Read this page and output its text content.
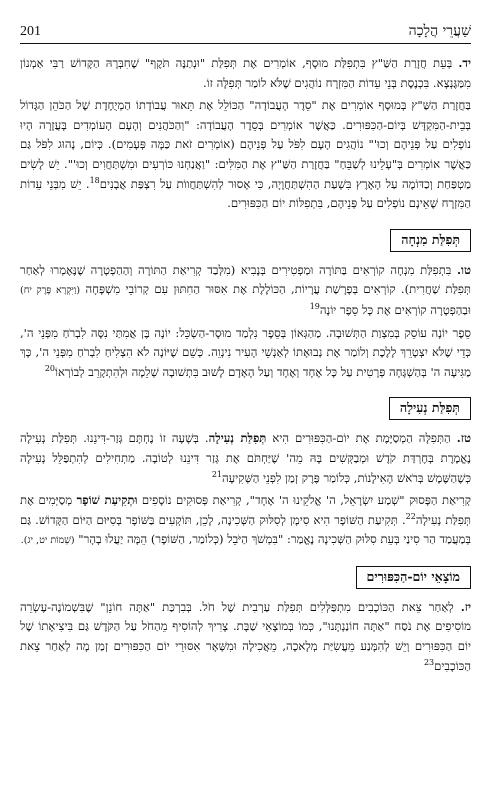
שַׁעֲרֵי הֲלָכָה
201

יד. בְּעֵת חֲזָרַת הַשַּׁ"ץ בִּתְפִלַּת מוּסָף, אוֹמְרִים אֶת תְּפִלַּת "וּנְתַנֶּה תֹּקֶף" שֶׁחִבְּרָהּ הַקָּדוֹשׁ רַבִּי אַמְנוֹן מִמַּגֶּנְצָא. בִּכְנֶסֶת בְּנֵי עֵדוֹת הַמִּזְרָח נוֹהֲגִים שֶׁלֹּא לוֹמַר תְּפִלָּה זוֹ.

בַּחֲזָרַת הַשַּׁ"ץ בְּמוּסָף אוֹמְרִים אֶת "סֵדֶר הָעֲבוֹדָה" הַכּוֹלֵל אֶת תֵּאוּר עֲבוֹדָתוֹ הַמְיֻחֶדֶת שֶׁל הַכֹּהֵן הַגָּדוֹל בְּבֵית-הַמִּקְדָּשׁ בְּיוֹם-הַכִּפּוּרִים. כַּאֲשֶׁר אוֹמְרִים בְּסֵדֶר הָעֲבוֹדָה: "וְהַכֹּהֲנִים וְהָעָם הָעוֹמְדִים בָּעֲזָרָה הָיוּ נוֹפְלִים עַל פְּנֵיהֶם וְכוּ'" נוֹהֲגִים הָעָם לִפֹּל עַל פְּנֵיהֶם (אוֹמְרִים זֹאת כַּמָּה פְּעָמִים). כְּיוֹם, נָהוּג לִפֹּל גַּם כַּאֲשֶׁר אוֹמְרִים בְּ"עָלֵינוּ לְשַׁבֵּחַ" בַּחֲזָרַת הַשַּׁ"ץ אֶת הַמִּלִּים: "וַאֲנַחְנוּ כּוֹרְעִים וּמִשְׁתַּחֲוִים וְכוּ'". יֵשׁ לָשִׂים מַטְפַּחַת וְכַדּוֹמֶה עַל הָאָרֶץ בִּשְׁעַת הַהִשְׁתַּחֲוָיָה, כִּי אָסוּר לְהִשְׁתַּחֲווֹת עַל רִצְפַּת אֲבָנִים$^{18}$. יֵשׁ מִבְּנֵי עֵדוֹת הַמִּזְרָח שֶׁאֵינָם נוֹפְלִים עַל פְּנֵיהֶם, בִּתְפִלּוֹת יוֹם הַכִּפּוּרִים.

תְּפִלַּת מִנְחָה

טו. בִּתְפִלַּת מִנְחָה קוֹרְאִים בַּתּוֹרָה וּמַפְטִירִים בְּנָבִיא (מִלְּבַד קְרִיאַת הַתּוֹרָה וְהַהַפְטָרָה שֶׁנֶּאֶמְרוּ לְאַחַר תְּפִלַּת שַׁחֲרִית). קוֹרְאִים בְּפָרָשַׁת עֲרָיוֹת, הַכּוֹלֶלֶת אֶת אִסּוּר הַחִתּוּן עִם קְרוֹבֵי מִשְׁפָּחָה (וַיִּקְרָא פֶּרֶק יח) וּבַהַפְטָרָה קוֹרְאִים אֶת כָּל סֵפֶר יוֹנָה$^{19}$

סֵפֶר יוֹנָה עוֹסֵק בְּמִצְוַת הַתְּשׁוּבָה. מַהַגְּאוֹן בְּסֵפֶר נִלְמַד מוּסָר-הַשְׂכֵּל: יוֹנָה בֶּן אֲמִתַּי נִסָּה לִבְרֹחַ מִפְּנֵי ה', כְּדֵי שֶׁלֹּא יִצְטָרֵךְ לָלֶכֶת וְלוֹמַר אֶת נְבוּאָתוֹ לְאַנְשֵׁי הָעִיר נִינְוֵה. כְּשֵׁם שֶׁיּוֹנָה לֹא הִצְלִיחַ לִבְרֹחַ מִפְּנֵי ה', כָּךְ מַגִּיעָה ה' בְּהַשְׁגָּחָה פְּרָטִית עַל כָּל אֶחָד וְאֶחָד וְעַל הָאָדָם לָשׁוּב בִּתְשׁוּבָה שְׁלֵמָה וּלְהִתְקָרֵב לְבוֹרְאוֹ$^{20}$

תְּפִלַּת נְעִילָה

טז. הַתְּפִלָּה הַמְסַיֶּמֶת אֶת יוֹם-הַכִּפּוּרִים הִיא תְּפִלַּת נְעִילָה. בְּשָׁעָה זוֹ נֶחְתָּם גְּזַר-דִּינֵנוּ. תְּפִלַּת נְעִילָה נֶאֱמֶרֶת בְּחֶרְדַּת קֹדֶשׁ וּמְבַקְּשִׁים בָּהּ מֵה' שֶׁיַּחְתֹּם אֶת גְּזַר דִּינֵנוּ לְטוֹבָה. מַתְחִילִים לְהִתְפַּלֵּל נְעִילָה כְּשֶׁהַשֶּׁמֶשׁ בְּרֹאשׁ הָאִילָנוֹת, כְּלוֹמַר פֶּרֶק זְמַן לִפְנֵי הַשְּׁקִיעָה$^{21}$

קְרִיאַת הַפָּסוּק "שְׁמַע יִשְׂרָאֵל, ה' אֱלֹקֵינוּ ה' אֶחָד", קְרִיאַת פְּסוּקִים נוֹסָפִים וּתְקִיעַת שׁוֹפָר מְסַיְּמִים אֶת תְּפִלַּת נְעִילָה$^{22}$. תְּקִיעַת הַשּׁוֹפָר הִיא סִימָן לְסִלּוּק הַשְּׁכִינָה, לָכֵן, תּוֹקְעִים בַּשּׁוֹפָר בְּסִיּוּם הַיּוֹם הַקָּדוֹשׁ. גַּם בְּמַעֲמַד הַר סִינַי בְּעֵת סִלּוּק הַשְּׁכִינָה נֶאֱמַר: "בִּמְשֹׁךְ הַיֹּבֵל (כְּלוֹמַר, הַשּׁוֹפָר) הֵמָּה יַעֲלוּ בָהָר" (שְׁמוֹת יט, יג).

מוֹצָאֵי יוֹם-הַכִּפּוּרִים

יז. לְאַחַר צֵאת הַכּוֹכָבִים מִתְפַּלְּלִים תְּפִלַּת עַרְבִית שֶׁל חֹל. בְּבִרְכַּת "אַתָּה חוֹנֵן" שֶׁבִּשְׁמוֹנֶה-עֶשְׂרֵה מוֹסִיפִים אֶת נֹסַח "אַתָּה חוֹנַנְתָּנוּ", כְּמוֹ בְּמוֹצָאֵי שַׁבָּת. צָרִיךְ לְהוֹסִיף מֵהַחֹל עַל הַקֹּדֶשׁ גַּם בִּיצִיאָתוֹ שֶׁל יוֹם הַכִּפּוּרִים וְיֵשׁ לְהִמָּנַע מֵעֲשִׂיַּת מְלָאכָה, מֵאֲכִילָה וּמִשְּׁאָר אִסּוּרֵי יוֹם הַכִּפּוּרִים זְמַן מָה לְאַחַר צֵאת הַכּוֹכָבִים$^{23}$
